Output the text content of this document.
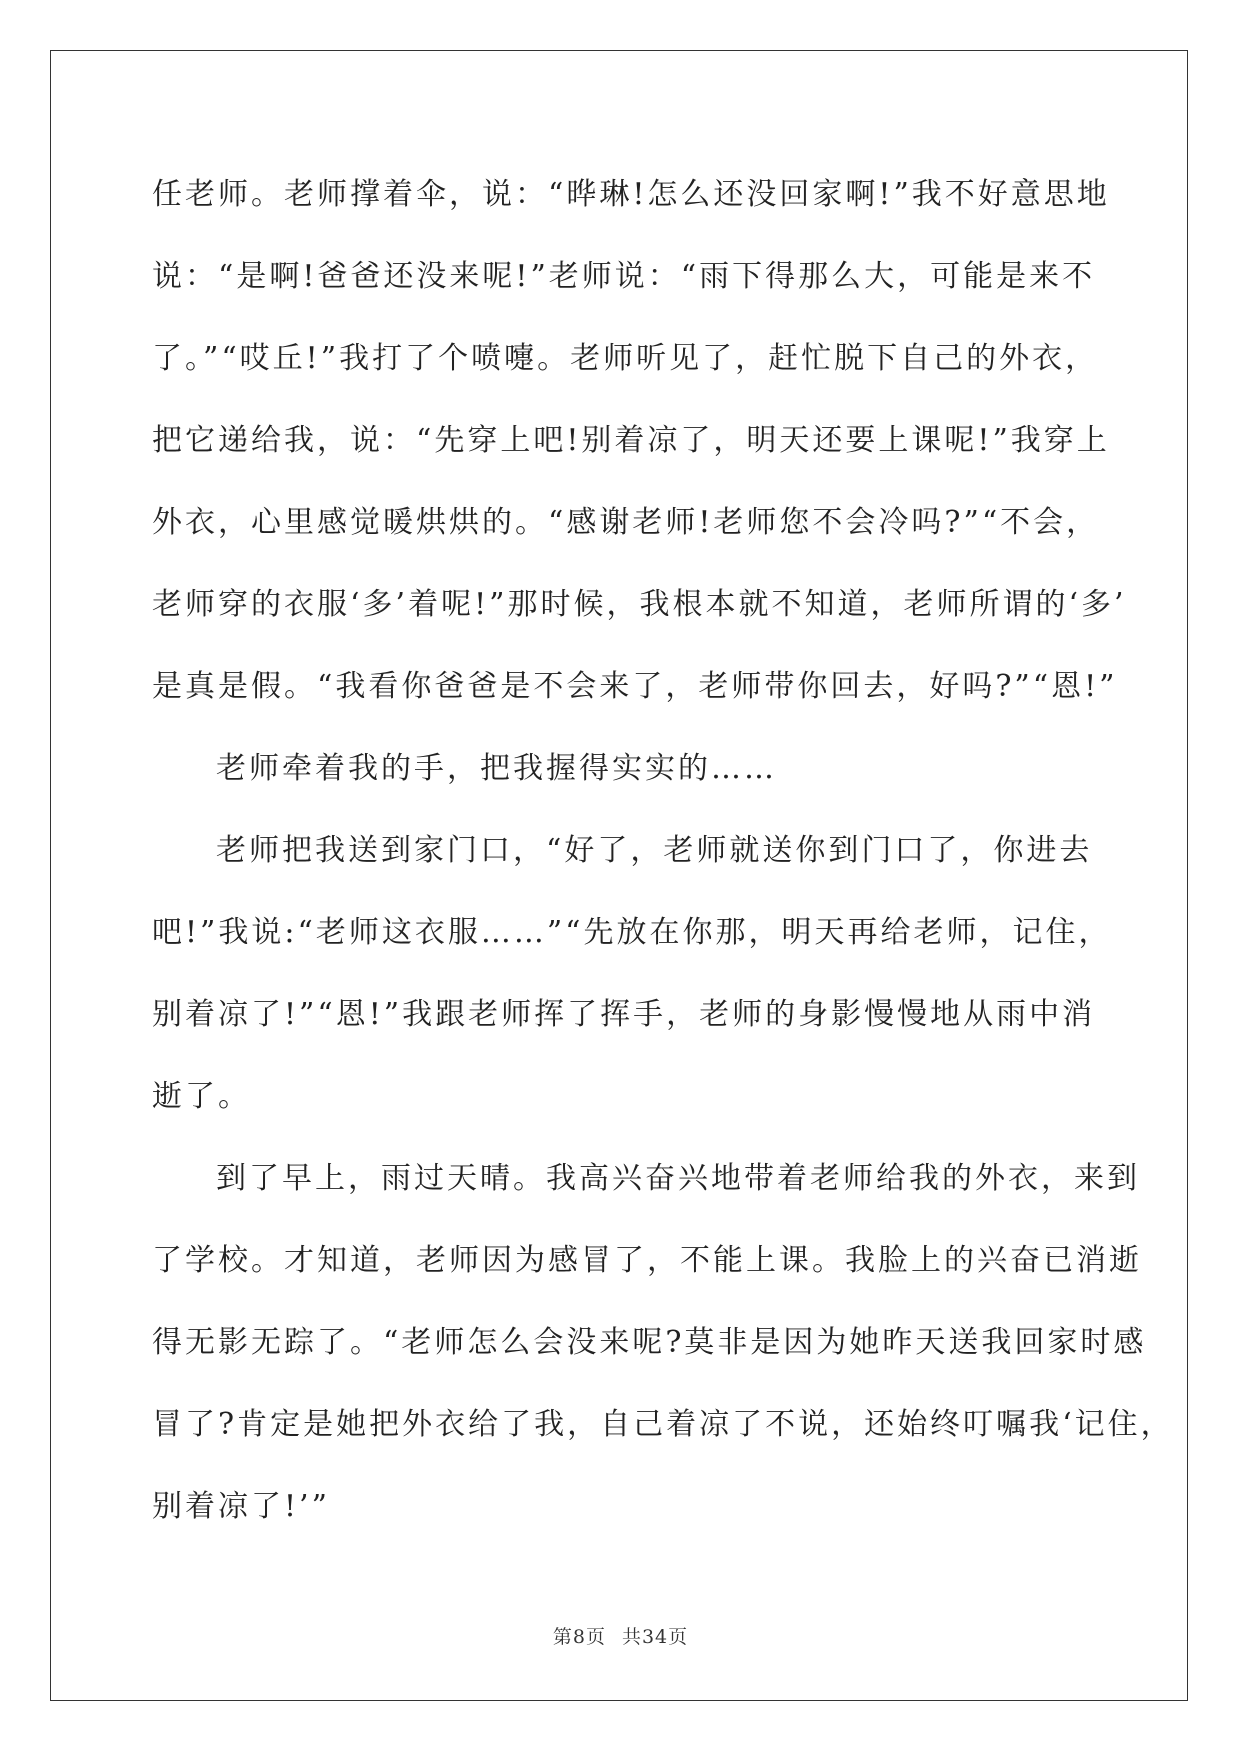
任老师。老师撑着伞，说：“晔琳!怎么还没回家啊!”我不好意思地
说：“是啊!爸爸还没来呢!”老师说：“雨下得那么大，可能是来不
了。”“哎丘!”我打了个喷嚏。老师听见了，赶忙脱下自己的外衣，
把它递给我，说：“先穿上吧!别着凉了，明天还要上课呢!”我穿上
外衣，心里感觉暖烘烘的。“感谢老师!老师您不会冷吗?”“不会，
老师穿的衣服‘多’着呢!”那时候，我根本就不知道，老师所谓的‘多’
是真是假。“我看你爸爸是不会来了，老师带你回去，好吗?”“恩!”
老师牵着我的手，把我握得实实的……
老师把我送到家门口，“好了，老师就送你到门口了，你进去
吧!”我说:“老师这衣服……”“先放在你那，明天再给老师，记住，
别着凉了!”“恩!”我跟老师挥了挥手，老师的身影慢慢地从雨中消
逝了。
到了早上，雨过天晴。我高兴奋兴地带着老师给我的外衣，来到
了学校。才知道，老师因为感冒了，不能上课。我脸上的兴奋已消逝
得无影无踪了。“老师怎么会没来呢?莫非是因为她昨天送我回家时感
冒了?肯定是她把外衣给了我，自己着凉了不说，还始终叮嘱我‘记住，
别着凉了!’”
第8页 共34页
